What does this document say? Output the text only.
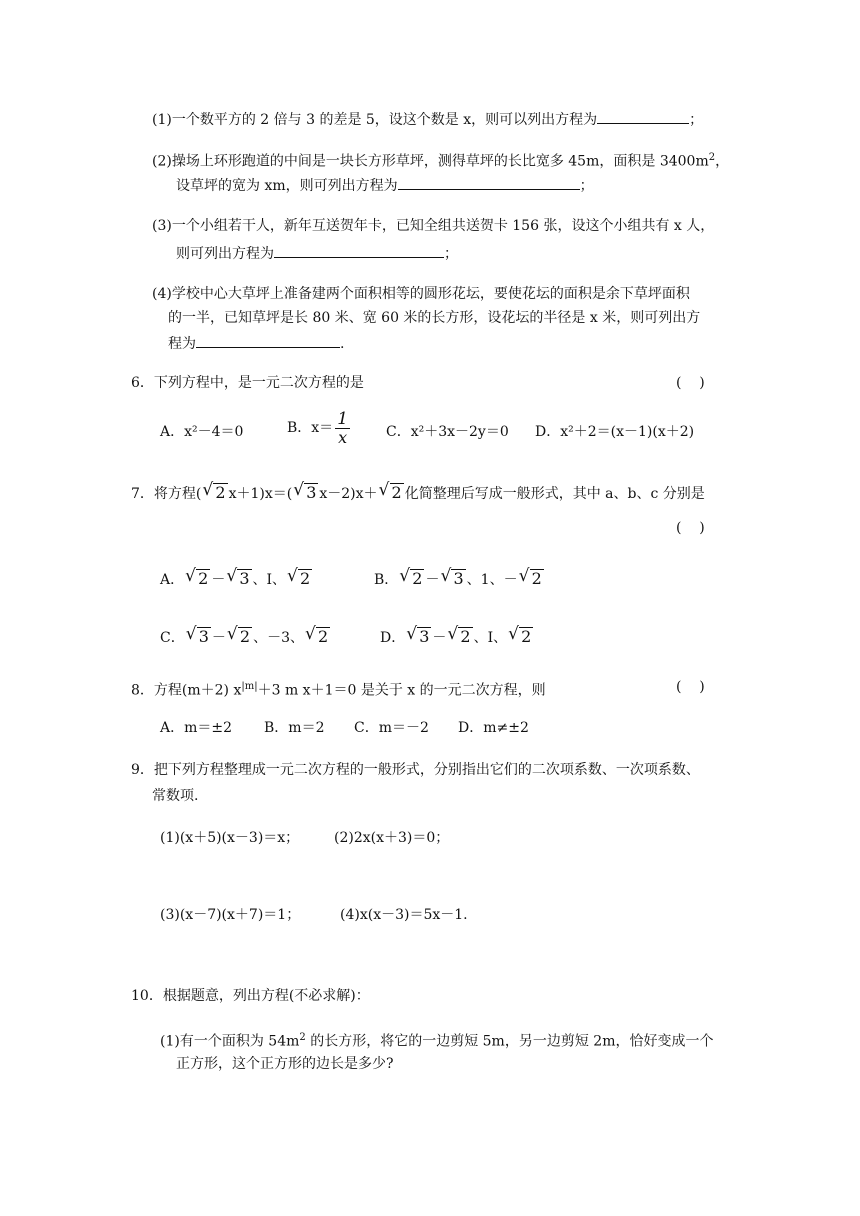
(1)一个数平方的 2 倍与 3 的差是 5，设这个数是 x，则可以列出方程为	；
(2)操场上环形跑道的中间是一块长方形草坪，测得草坪的长比宽多 45m，面积是 $3400m^2$，
设草坪的宽为 xm，则可列出方程为	；
(3)一个小组若干人，新年互送贺年卡，已知全组共送贺卡 156 张，设这个小组共有 x 人，
则可列出方程为	；
(4)学校中心大草坪上准备建两个面积相等的圆形花坛，要使花坛的面积是余下草坪面积
的一半，已知草坪是长 80 米、宽 60 米的长方形，设花坛的半径是 x 米，则可列出方
程为	.
6．下列方程中，是一元二次方程的是	(    )
A．x²－4＝0	B．$x= \frac{1}{x}$	C．x²＋3x－2y＝0 D．x²＋2＝(x－1)(x＋2)
7．将方程( √ 2 x＋1)x＝( √ 3 x－2)x＋ √ 2 化简整理后写成一般形式，其中 a、b、c 分别是
(    )
A． √ 2 － √ 3 、I、 √ 2	B． √ 2 － √ 3 、1、－ √ 2
C． √ 3 － √ 2 、－3、 √ 2	D． √ 3 － √ 2 、I、 √ 2
8．方程(m＋2) $x^{|m|}+3$ m x＋1＝0 是关于 x 的一元二次方程，则	(    )
A．m＝±2 B．m＝2 C．m＝－2 D．m≠±2
9．把下列方程整理成一元二次方程的一般形式，分别指出它们的二次项系数、一次项系数、
常数项.
(1)(x＋5)(x－3)＝x； (2)2x(x＋3)＝0；
(3)(x－7)(x＋7)＝1；	(4)x(x－3)＝5x－1.
10．根据题意，列出方程(不必求解)：
(1)有一个面积为 $54m^2$ 的长方形，将它的一边剪短 5m，另一边剪短 2m，恰好变成一个
正方形，这个正方形的边长是多少?
